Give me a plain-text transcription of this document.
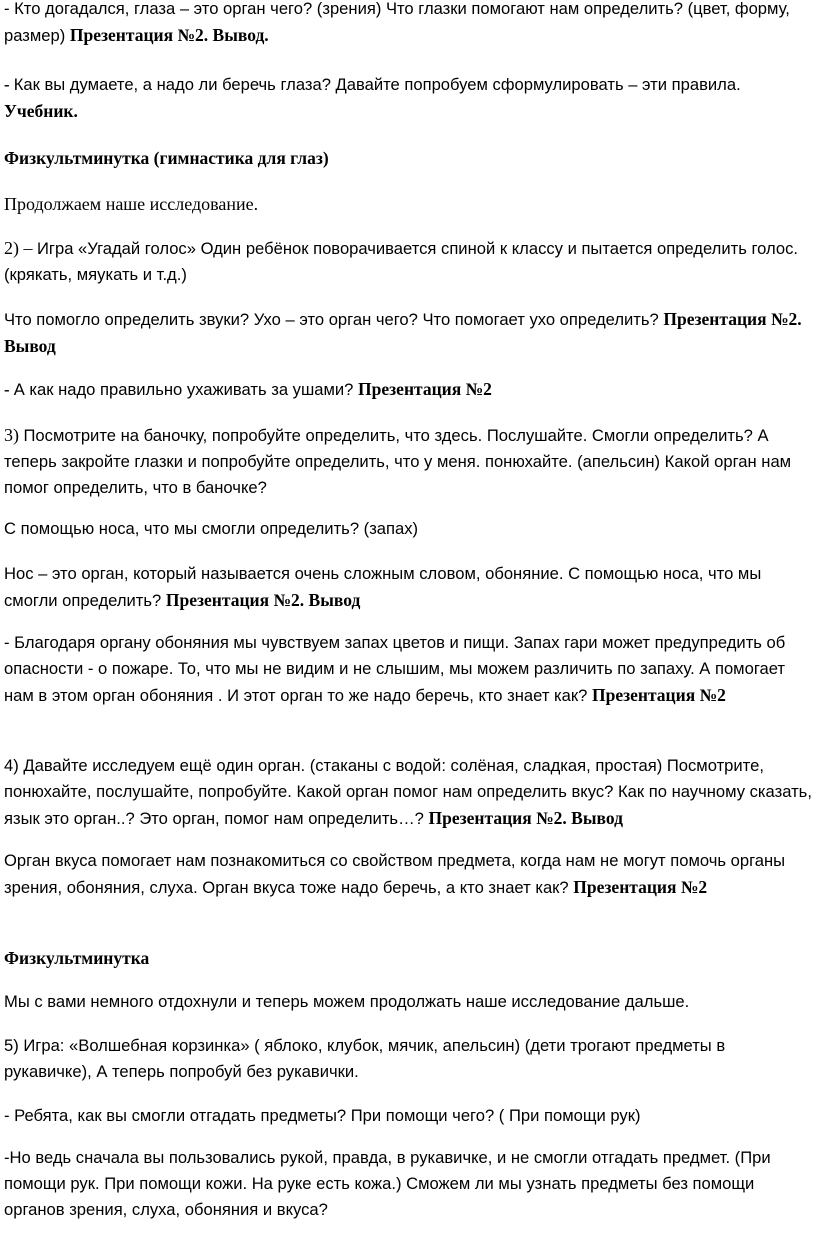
- Кто догадался, глаза – это орган чего? (зрения) Что глазки помогают нам определить? (цвет, форму, размер) Презентация №2. Вывод.

- Как вы думаете, а надо ли беречь глаза? Давайте попробуем сформулировать – эти правила. Учебник.

Физкультминутка (гимнастика для глаз)

Продолжаем наше исследование.

2) – Игра «Угадай голос» Один ребёнок поворачивается спиной к классу и пытается определить голос. (крякать, мяукать и т.д.)

Что помогло определить звуки? Ухо – это орган чего? Что помогает ухо определить? Презентация №2. Вывод

- А как надо правильно ухаживать за ушами? Презентация №2

3) Посмотрите на баночку, попробуйте определить, что здесь. Послушайте. Смогли определить? А теперь закройте глазки и попробуйте определить, что у меня. понюхайте. (апельсин) Какой орган нам помог определить, что в баночке?

С помощью носа, что мы смогли определить? (запах)

Нос – это орган, который называется очень сложным словом, обоняние. С помощью носа, что мы смогли определить? Презентация №2. Вывод

- Благодаря органу обоняния мы чувствуем запах цветов и пищи. Запах гари может предупредить об опасности - о пожаре. То, что мы не видим и не слышим, мы можем различить по запаху. А помогает нам в этом орган обоняния . И этот орган то же надо беречь, кто знает как? Презентация №2

4) Давайте исследуем ещё один орган. (стаканы с водой: солёная, сладкая, простая) Посмотрите, понюхайте, послушайте, попробуйте. Какой орган помог нам определить вкус? Как по научному сказать, язык это орган..? Это орган, помог нам определить…? Презентация №2. Вывод

Орган вкуса помогает нам познакомиться со свойством предмета, когда нам не могут помочь органы зрения, обоняния, слуха. Орган вкуса тоже надо беречь, а кто знает как? Презентация №2

Физкультминутка

Мы с вами немного отдохнули и теперь можем продолжать наше исследование дальше.

5) Игра: «Волшебная корзинка» ( яблоко, клубок, мячик, апельсин) (дети трогают предметы в рукавичке), А теперь попробуй без рукавички.

- Ребята, как вы смогли отгадать предметы? При помощи чего? ( При помощи рук)

-Но ведь сначала вы пользовались рукой, правда, в рукавичке, и не смогли отгадать предмет. (При помощи рук. При помощи кожи. На руке есть кожа.) Сможем ли мы узнать предметы без помощи органов зрения, слуха, обоняния и вкуса?
